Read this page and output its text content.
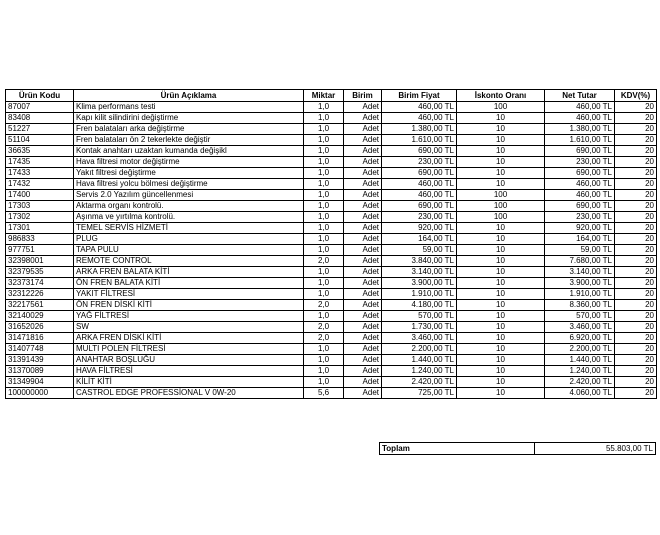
Ürün Kodu	Ürün Açıklama	Miktar	Birim	Birim Fiyat	İskonto Oranı	Net Tutar	KDV(%)
87007	Klima performans testi	1,0	Adet	460,00 TL	100	460,00 TL	20
83408	Kapı kilit silindirini değiştirme	1,0	Adet	460,00 TL	10	460,00 TL	20
51227	Fren balataları arka değiştirme	1,0	Adet	1.380,00 TL	10	1.380,00 TL	20
51104	Fren balataları ön 2 tekerlekte değiştir	1,0	Adet	1.610,00 TL	10	1.610,00 TL	20
36635	Kontak anahtarı uzaktan kumanda değişikl	1,0	Adet	690,00 TL	10	690,00 TL	20
17435	Hava filtresi motor değiştirme	1,0	Adet	230,00 TL	10	230,00 TL	20
17433	Yakıt filtresi değiştirme	1,0	Adet	690,00 TL	10	690,00 TL	20
17432	Hava filtresi yolcu bölmesi değiştirme	1,0	Adet	460,00 TL	10	460,00 TL	20
17400	Servis 2.0 Yazılım güncellenmesi	1,0	Adet	460,00 TL	100	460,00 TL	20
17303	Aktarma organı kontrolü.	1,0	Adet	690,00 TL	100	690,00 TL	20
17302	Aşınma ve yırtılma kontrolü.	1,0	Adet	230,00 TL	100	230,00 TL	20
17301	TEMEL SERVİS HİZMETİ	1,0	Adet	920,00 TL	10	920,00 TL	20
986833	PLUG	1,0	Adet	164,00 TL	10	164,00 TL	20
977751	TAPA PULU	1,0	Adet	59,00 TL	10	59,00 TL	20
32398001	REMOTE CONTROL	2,0	Adet	3.840,00 TL	10	7.680,00 TL	20
32379535	ARKA FREN BALATA KİTİ	1,0	Adet	3.140,00 TL	10	3.140,00 TL	20
32373174	ÖN FREN BALATA KİTİ	1,0	Adet	3.900,00 TL	10	3.900,00 TL	20
32312226	YAKIT FİLTRESİ	1,0	Adet	1.910,00 TL	10	1.910,00 TL	20
32217561	ÖN FREN DİSKİ KİTİ	2,0	Adet	4.180,00 TL	10	8.360,00 TL	20
32140029	YAĞ FİLTRESİ	1,0	Adet	570,00 TL	10	570,00 TL	20
31652026	SW	2,0	Adet	1.730,00 TL	10	3.460,00 TL	20
31471816	ARKA FREN DİSKİ KİTİ	2,0	Adet	3.460,00 TL	10	6.920,00 TL	20
31407748	MULTI POLEN FİLTRESİ	1,0	Adet	2.200,00 TL	10	2.200,00 TL	20
31391439	ANAHTAR BOŞLUĞU	1,0	Adet	1.440,00 TL	10	1.440,00 TL	20
31370089	HAVA FİLTRESİ	1,0	Adet	1.240,00 TL	10	1.240,00 TL	20
31349904	KİLİT KİTİ	1,0	Adet	2.420,00 TL	10	2.420,00 TL	20
100000000	CASTROL EDGE PROFESSİONAL V 0W-20	5,6	Adet	725,00 TL	10	4.060,00 TL	20
Toplam	55.803,00 TL
